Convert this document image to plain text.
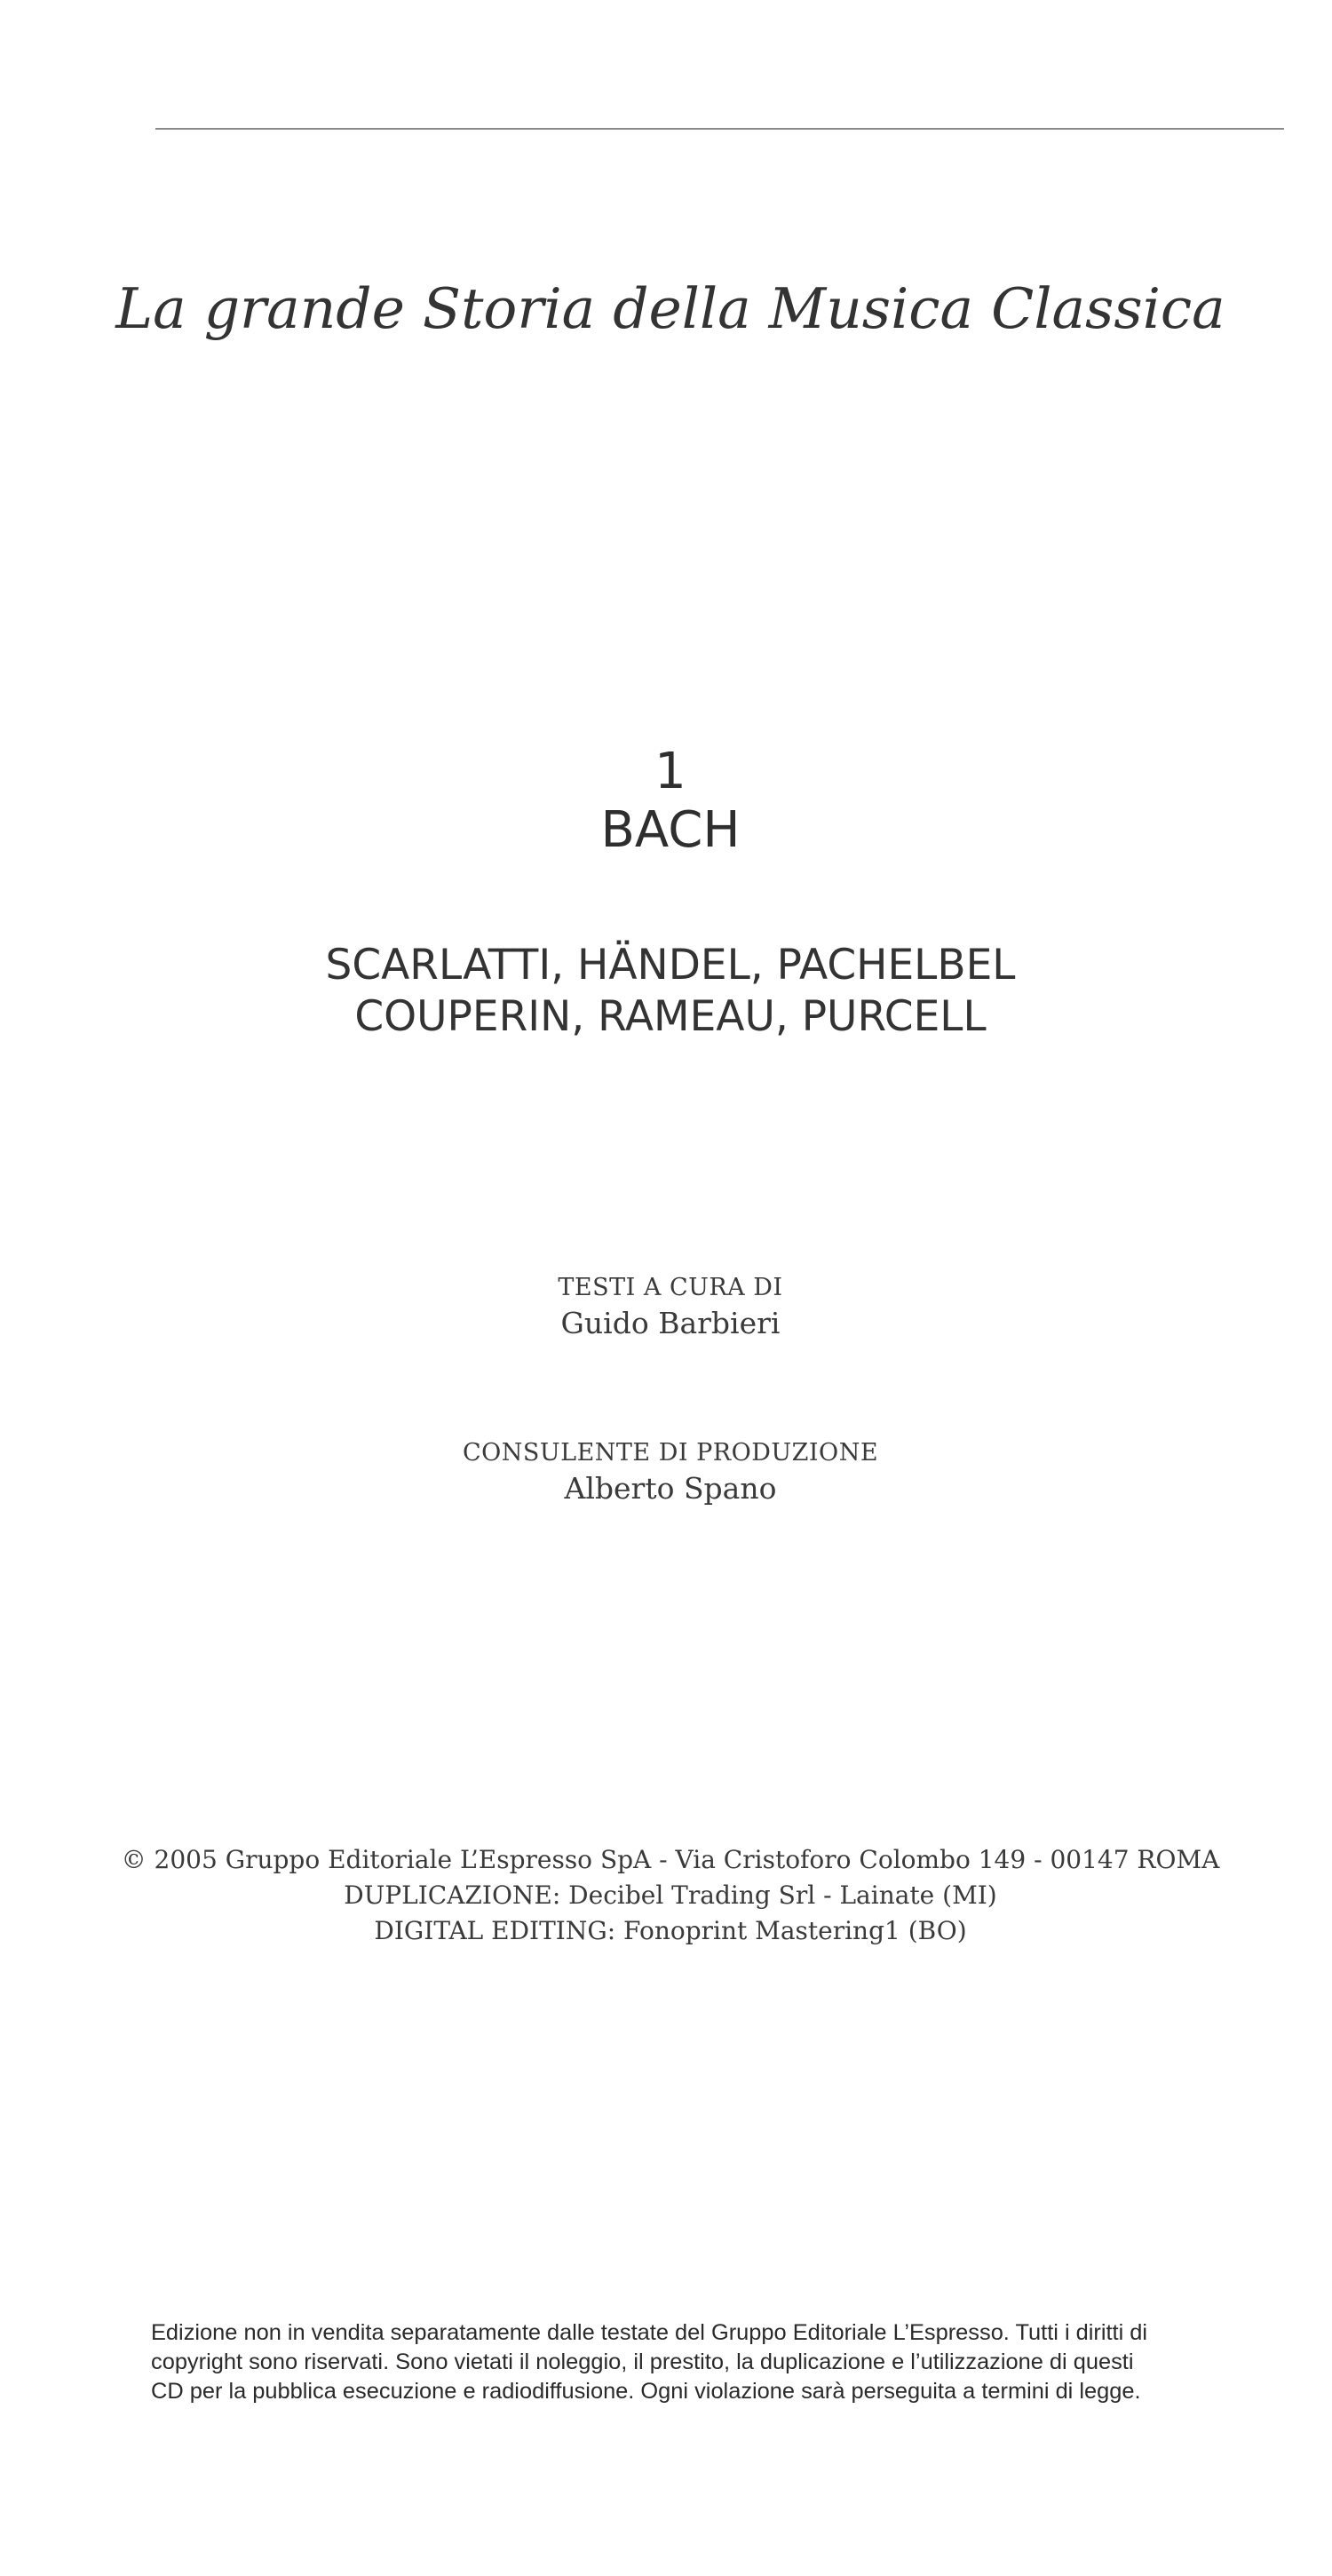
La grande Storia della Musica Classica
1
BACH
SCARLATTI, HÄNDEL, PACHELBEL
COUPERIN, RAMEAU, PURCELL
TESTI A CURA DI
Guido Barbieri
CONSULENTE DI PRODUZIONE
Alberto Spano
© 2005 Gruppo Editoriale L’Espresso SpA - Via Cristoforo Colombo 149 - 00147 ROMA
DUPLICAZIONE: Decibel Trading Srl - Lainate (MI)
DIGITAL EDITING: Fonoprint Mastering1 (BO)
Edizione non in vendita separatamente dalle testate del Gruppo Editoriale L’Espresso. Tutti i diritti di
copyright sono riservati. Sono vietati il noleggio, il prestito, la duplicazione e l’utilizzazione di questi
CD per la pubblica esecuzione e radiodiffusione. Ogni violazione sarà perseguita a termini di legge.
